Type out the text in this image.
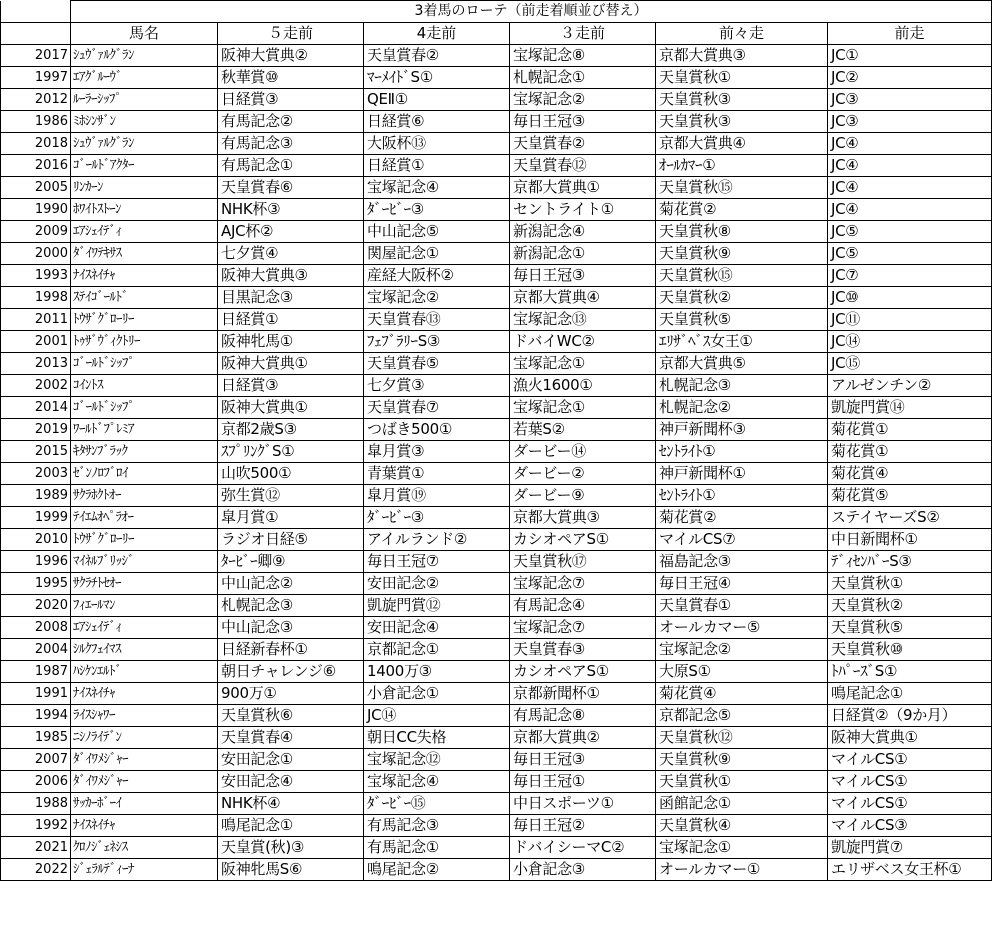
	3着馬のローテ（前走着順並び替え）					
	馬名	５走前	4走前	３走前	前々走	前走
2017	ｼｭｳﾞｧﾙｸﾞﾗﾝ	阪神大賞典②	天皇賞春②	宝塚記念⑧	京都大賞典③	JC①
1997	ｴｱｸﾞﾙｰｳﾞ	秋華賞⑩	ﾏｰﾒｲﾄﾞS①	札幌記念①	天皇賞秋①	JC②
2012	ﾙｰﾗｰｼｯﾌﾟ	日経賞③	QEⅡ①	宝塚記念②	天皇賞秋③	JC③
1986	ﾐﾎｼﾝｻﾞﾝ	有馬記念②	日経賞⑥	毎日王冠③	天皇賞秋③	JC③
2018	ｼｭｳﾞｧﾙｸﾞﾗﾝ	有馬記念③	大阪杯⑬	天皇賞春②	京都大賞典④	JC④
2016	ｺﾞｰﾙﾄﾞｱｸﾀｰ	有馬記念①	日経賞①	天皇賞春⑫	ｵｰﾙｶﾏｰ①	JC④
2005	ﾘﾝｶｰﾝ	天皇賞春⑥	宝塚記念④	京都大賞典①	天皇賞秋⑮	JC④
1990	ﾎﾜｲﾄｽﾄｰﾝ	NHK杯③	ﾀﾞｰﾋﾞｰ③	セントライト①	菊花賞②	JC④
2009	ｴｱｼｪｲﾃﾞｨ	AJC杯②	中山記念⑤	新潟記念④	天皇賞秋⑧	JC⑤
2000	ﾀﾞｲﾜﾃｷｻｽ	七夕賞④	関屋記念①	新潟記念①	天皇賞秋⑨	JC⑤
1993	ﾅｲｽﾈｲﾁｬ	阪神大賞典③	産経大阪杯②	毎日王冠③	天皇賞秋⑮	JC⑦
1998	ｽﾃｲｺﾞｰﾙﾄﾞ	目黒記念③	宝塚記念②	京都大賞典④	天皇賞秋②	JC⑩
2011	ﾄｳｻﾞｸﾞﾛｰﾘｰ	日経賞①	天皇賞春⑬	宝塚記念⑬	天皇賞秋⑤	JC⑪
2001	ﾄｩｻﾞｳﾞｨｸﾄﾘｰ	阪神牝馬①	ﾌｪﾌﾞﾗﾘｰS③	ドバイWC②	ｴﾘｻﾞﾍﾞｽ女王①	JC⑭
2013	ｺﾞｰﾙﾄﾞｼｯﾌﾟ	阪神大賞典①	天皇賞春⑤	宝塚記念①	京都大賞典⑤	JC⑮
2002	ｺｲﾝﾄｽ	日経賞③	七夕賞③	漁火1600①	札幌記念③	アルゼンチン②
2014	ｺﾞｰﾙﾄﾞｼｯﾌﾟ	阪神大賞典①	天皇賞春⑦	宝塚記念①	札幌記念②	凱旋門賞⑭
2019	ﾜｰﾙﾄﾞﾌﾟﾚﾐｱ	京都2歳S③	つばき500①	若葉S②	神戸新聞杯③	菊花賞①
2015	ｷﾀｻﾝﾌﾞﾗｯｸ	ｽﾌﾟﾘﾝｸﾞS①	皐月賞③	ダービー⑭	ｾﾝﾄﾗｲﾄ①	菊花賞①
2003	ｾﾞﾝﾉﾛﾌﾞﾛｲ	山吹500①	青葉賞①	ダービー②	神戸新聞杯①	菊花賞④
1989	ｻｸﾗﾎｸﾄｵｰ	弥生賞⑫	皐月賞⑲	ダービー⑨	ｾﾝﾄﾗｲﾄ①	菊花賞⑤
1999	ﾃｲｴﾑｵﾍﾟﾗｵｰ	皐月賞①	ﾀﾞｰﾋﾞｰ③	京都大賞典③	菊花賞②	ステイヤーズS②
2010	ﾄｳｻﾞｸﾞﾛｰﾘｰ	ラジオ日経⑤	アイルランド②	カシオペアS①	マイルCS⑦	中日新聞杯①
1996	ﾏｲﾈﾙﾌﾞﾘｯｼﾞ	ﾀｰﾋﾞｰ卿⑨	毎日王冠⑦	天皇賞秋⑰	福島記念③	ﾃﾞｨｾﾝﾊﾞｰS③
1995	ｻｸﾗﾁﾄｾｵｰ	中山記念②	安田記念②	宝塚記念⑦	毎日王冠④	天皇賞秋①
2020	ﾌｨｴｰﾙﾏﾝ	札幌記念③	凱旋門賞⑫	有馬記念④	天皇賞春①	天皇賞秋②
2008	ｴｱｼｪｲﾃﾞｨ	中山記念③	安田記念④	宝塚記念⑦	オールカマー⑤	天皇賞秋⑤
2004	ｼﾙｸﾌｪｲﾏｽ	日経新春杯①	京都記念①	天皇賞春③	宝塚記念②	天皇賞秋⑩
1987	ﾊｼｹﾝｴﾙﾄﾞ	朝日チャレンジ⑥	1400万③	カシオペアS①	大原S①	ﾄﾊﾟｰｽﾞS①
1991	ﾅｲｽﾈｲﾁｬ	900万①	小倉記念①	京都新聞杯①	菊花賞④	鳴尾記念①
1994	ﾗｲｽｼｬﾜｰ	天皇賞秋⑥	JC⑭	有馬記念⑧	京都記念⑤	日経賞②（9か月）
1985	ﾆｼﾉﾗｲﾃﾞﾝ	天皇賞春④	朝日CC失格	京都大賞典②	天皇賞秋⑫	阪神大賞典①
2007	ﾀﾞｲﾜﾒｼﾞｬｰ	安田記念①	宝塚記念⑫	毎日王冠③	天皇賞秋⑨	マイルCS①
2006	ﾀﾞｲﾜﾒｼﾞｬｰ	安田記念④	宝塚記念④	毎日王冠①	天皇賞秋①	マイルCS①
1988	ｻｯｶｰﾎﾞｰｲ	NHK杯④	ﾀﾞｰﾋﾞｰ⑮	中日スポーツ①	函館記念①	マイルCS①
1992	ﾅｲｽﾈｲﾁｬ	鳴尾記念①	有馬記念③	毎日王冠②	天皇賞秋④	マイルCS③
2021	ｸﾛﾉｼﾞｪﾈｼｽ	天皇賞(秋)③	有馬記念①	ドバイシーマC②	宝塚記念①	凱旋門賞⑦
2022	ｼﾞｪﾗﾙﾃﾞｨｰﾅ	阪神牝馬S⑥	鳴尾記念②	小倉記念③	オールカマー①	エリザベス女王杯①
